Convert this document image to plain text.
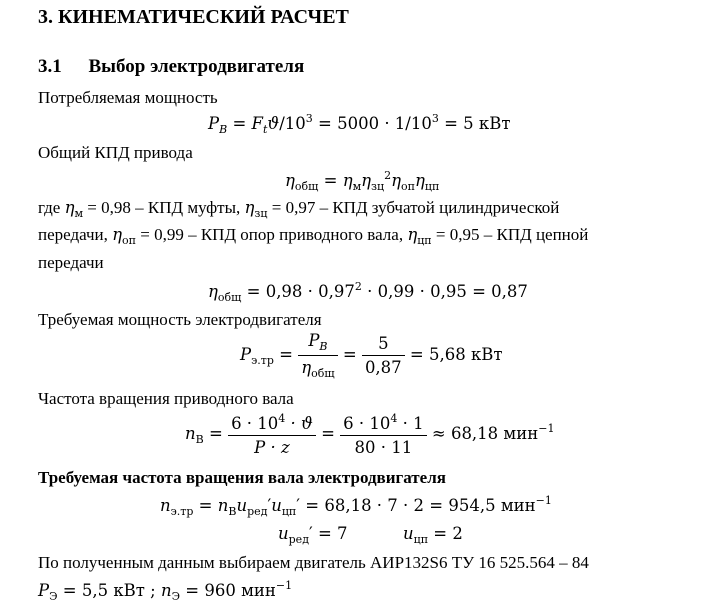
3. КИНЕМАТИЧЕСКИЙ РАСЧЕТ
3.1 Выбор электродвигателя
Потребляемая мощность
$P_B = F_tϑ/10^3 = 5000 \cdot 1/10^3 = 5$ кВт
Общий КПД привода
$\eta_{общ} = \eta_м\eta_{зц}^2\eta_{оп}\eta_{цп}$
где $\eta_м = 0,98$ – КПД муфты, $\eta_{зц} = 0,97$ – КПД зубчатой цилиндрической
передачи, $\eta_{оп} = 0,99$ – КПД опор приводного вала, $\eta_{цп} = 0,95$ – КПД цепной
передачи
$\eta_{общ} = 0,98 \cdot 0,97^2 \cdot 0,99 \cdot 0,95 = 0,87$
Требуемая мощность электродвигателя
$P_{э.тр} = \frac{P_B}{\eta_{общ}} = \frac{5}{0,87} = 5,68$ кВт
Частота вращения приводного вала
$n_B = \frac{6 \cdot 10^4 \cdot ϑ}{P \cdot z} = \frac{6 \cdot 10^4 \cdot 1}{80 \cdot 11} \approx 68,18$ мин$^{-1}$
Требуемая частота вращения вала электродвигателя
$n_{э.тр} = n_Bu_{ред}'u_{цп}' = 68,18 \cdot 7 \cdot 2 = 954,5$ мин$^{-1}$
$u_{ред}' = 7$	$u_{цп} = 2$
По полученным данным выбираем двигатель АИР132S6 ТУ 16 525.564 – 84
$P_Э = 5,5$ кВт ; $n_Э = 960$ мин$^{-1}$
